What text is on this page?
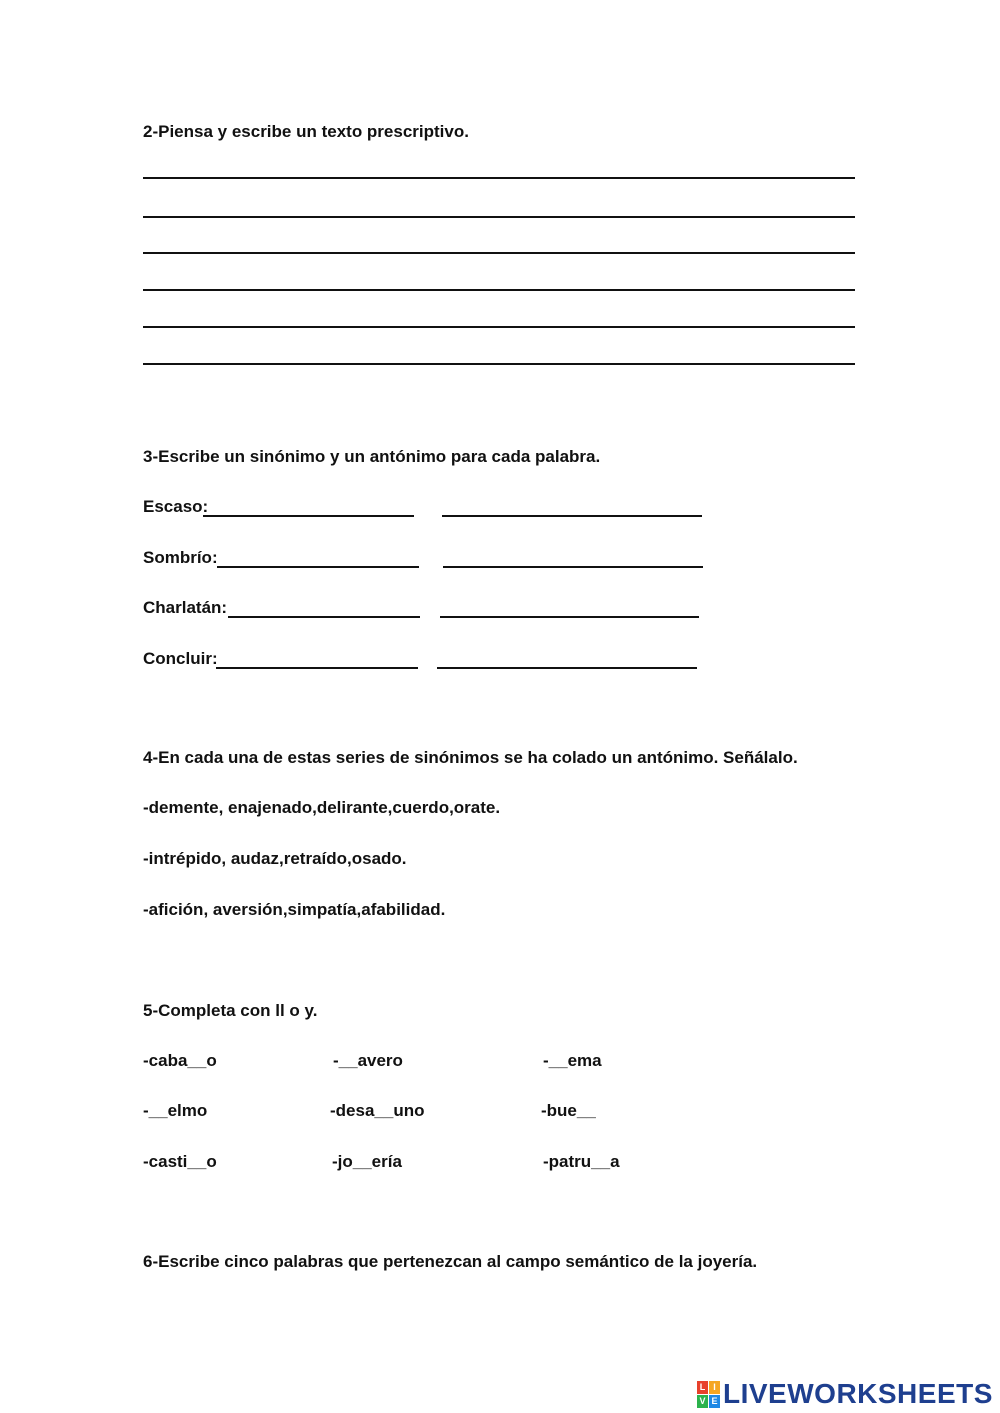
2-Piensa y escribe un texto prescriptivo.
3-Escribe un sinónimo y un antónimo para cada palabra.
Escaso:
Sombrío:
Charlatán:
Concluir:
4-En cada una de estas series de sinónimos se ha colado un antónimo. Señálalo.
-demente, enajenado,delirante,cuerdo,orate.
-intrépido, audaz,retraído,osado.
-afición, aversión,simpatía,afabilidad.
5-Completa con ll o y.
-caba__o	-__avero	-__ema
-__elmo	-desa__uno	-bue__
-casti__o	-jo__ería	-patru__a
6-Escribe cinco palabras que pertenezcan al campo semántico de la joyería.
L I
V E LIVEWORKSHEETS
